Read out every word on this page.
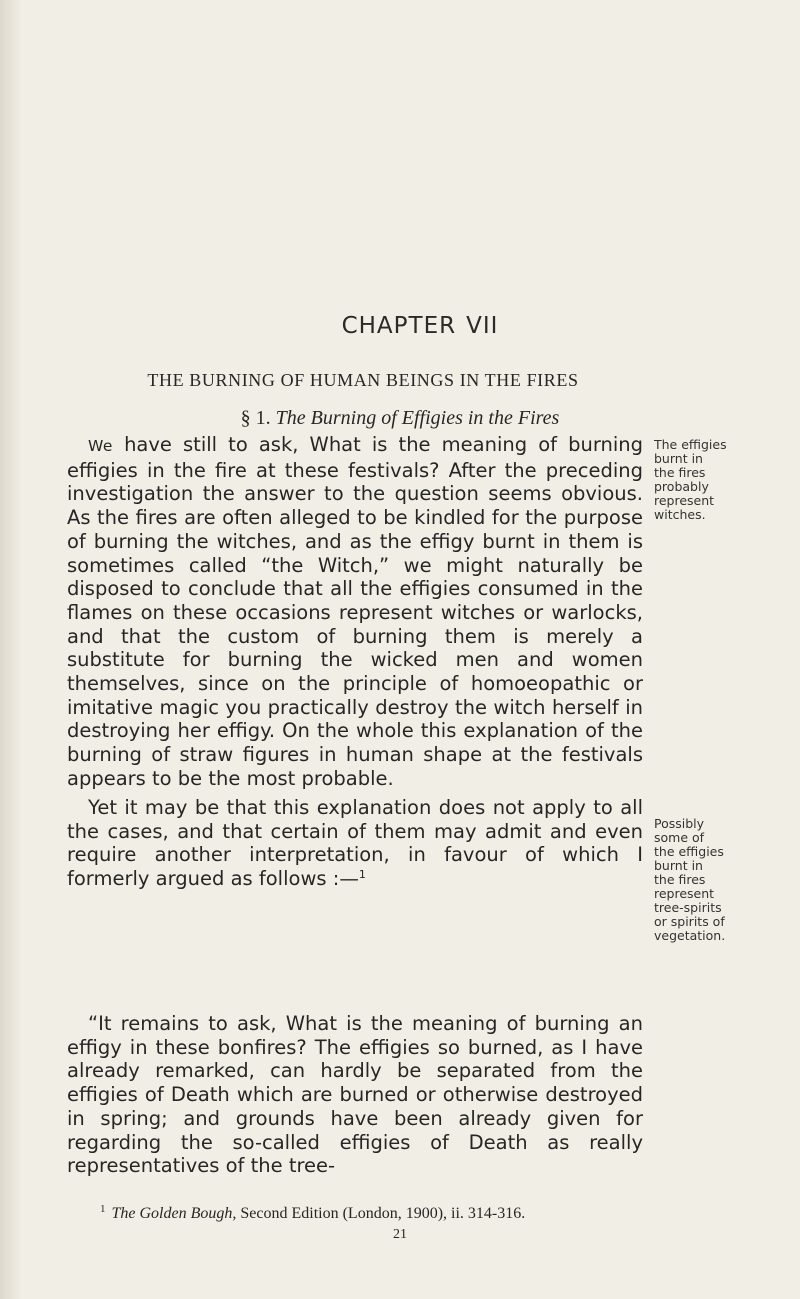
CHAPTER VII
THE BURNING OF HUMAN BEINGS IN THE FIRES
§ 1. The Burning of Effigies in the Fires

We have still to ask, What is the meaning of burning effigies in the fire at these festivals? After the preceding investigation the answer to the question seems obvious. As the fires are often alleged to be kindled for the purpose of burning the witches, and as the effigy burnt in them is sometimes called “the Witch,” we might naturally be disposed to conclude that all the effigies consumed in the flames on these occasions represent witches or warlocks, and that the custom of burning them is merely a substitute for burning the wicked men and women themselves, since on the principle of homoeopathic or imitative magic you practically destroy the witch herself in destroying her effigy. On the whole this explanation of the burning of straw figures in human shape at the festivals appears to be the most probable.

Yet it may be that this explanation does not apply to all the cases, and that certain of them may admit and even require another interpretation, in favour of which I formerly argued as follows :—$^1$

“It remains to ask, What is the meaning of burning an effigy in these bonfires? The effigies so burned, as I have already remarked, can hardly be separated from the effigies of Death which are burned or otherwise destroyed in spring; and grounds have been already given for regarding the so-called effigies of Death as really representatives of the tree-

The effigies
burnt in
the fires
probably
represent
witches.
Possibly
some of
the effigies
burnt in
the fires
represent
tree-spirits
or spirits of
vegetation.
$^1$ The Golden Bough, Second Edition (London, 1900), ii. 314-316.
21
